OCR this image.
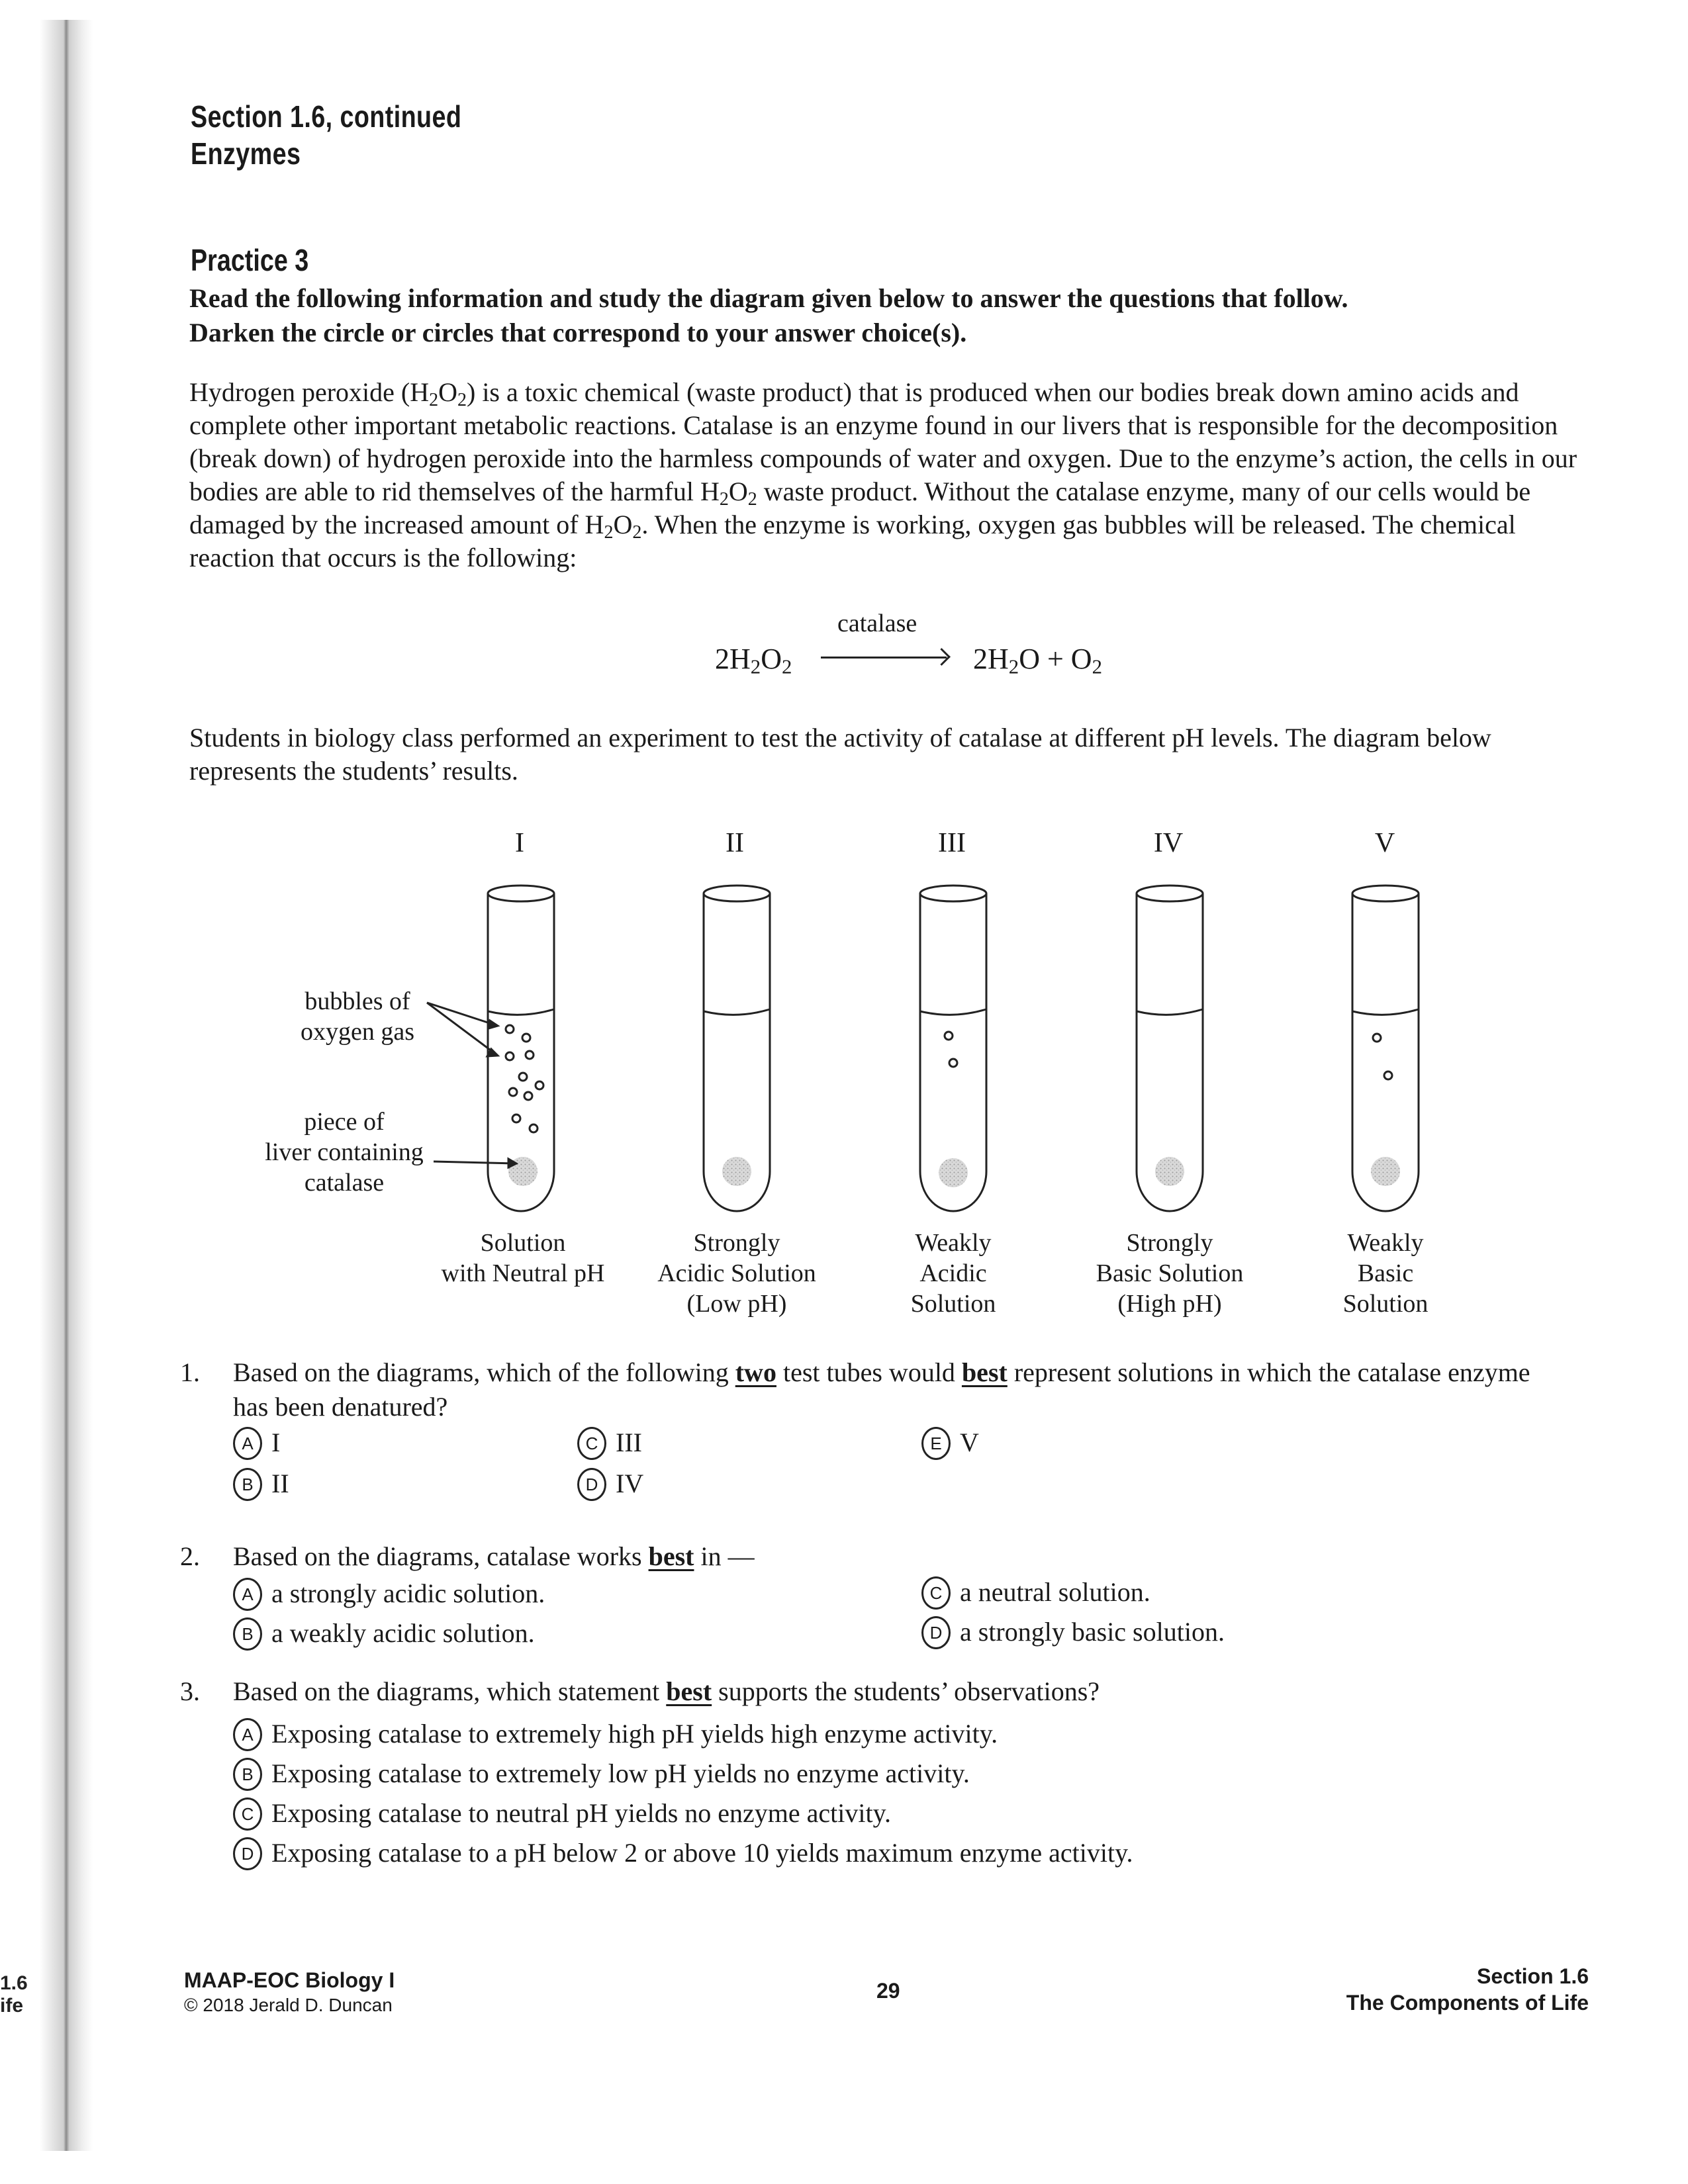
1.6
ife
Section 1.6, continued
Enzymes
Practice 3
Read the following information and study the diagram given below to answer the questions that follow.
Darken the circle or circles that correspond to your answer choice(s).
Hydrogen peroxide $(H_2O_2)$ is a toxic chemical (waste product) that is produced when our bodies break down amino acids and complete other important metabolic reactions. Catalase is an enzyme found in our livers that is responsible for the decomposition (break down) of hydrogen peroxide into the harmless compounds of water and oxygen. Due to the enzyme’s action, the cells in our bodies are able to rid themselves of the harmful $H_2O_2$ waste product. Without the catalase enzyme, many of our cells would be damaged by the increased amount of $H_2O_2$. When the enzyme is working, oxygen gas bubbles will be released. The chemical reaction that occurs is the following:
$2H_2O_2$
catalase
$2H_2O + O_2$
Students in biology class performed an experiment to test the activity of catalase at different pH levels. The diagram below represents the students’ results.
I	II	III	IV	V
bubbles of
oxygen gas
piece of
liver containing
catalase
Solution
with Neutral pH
Strongly
Acidic Solution
(Low pH)
Weakly
Acidic
Solution
Strongly
Basic Solution
(High pH)
Weakly
Basic
Solution
1. Based on the diagrams, which of the following two test tubes would best represent solutions in which the catalase enzyme has been denatured?
A I
B II
C III
D IV
E V
2. Based on the diagrams, catalase works best in —
A a strongly acidic solution.
B a weakly acidic solution.
C a neutral solution.
D a strongly basic solution.
3. Based on the diagrams, which statement best supports the students’ observations?
A Exposing catalase to extremely high pH yields high enzyme activity.
B Exposing catalase to extremely low pH yields no enzyme activity.
C Exposing catalase to neutral pH yields no enzyme activity.
D Exposing catalase to a pH below 2 or above 10 yields maximum enzyme activity.
MAAP-EOC Biology I
© 2018 Jerald D. Duncan
29
Section 1.6
The Components of Life
